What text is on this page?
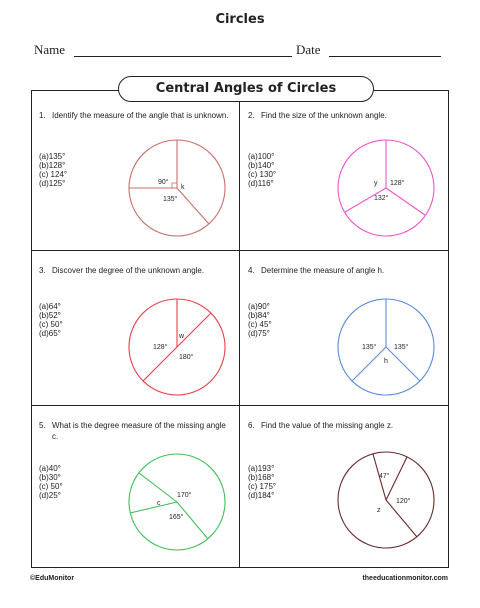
Circles
Name	Date
Central Angles of Circles
1. Identify the measure of the angle that is unknown.
(a)135°
(b)128°
(c) 124°
(d)125°	90°
k
135°
2. Find the size of the unknown angle.
(a)100°
(b)140°
(c) 130°
(d)116°	y 128°
132°
3. Discover the degree of the unknown angle.
(a)64°
(b)52°
(c) 50°
(d)65°	w
128°
180°
4. Determine the measure of angle h.
(a)90°
(b)84°
(c) 45°
(d)75°
135°	135°
h
5. What is the degree measure of the missing angle c.
(a)40°
(b)30°
(c) 50°
(d)25°
c
170°
165°
6. Find the value of the missing angle z.
(a)193°
(b)168°
(c) 175°
(d)184°
47°
120°
z
©EduMonitor	theeducationmonitor.com
